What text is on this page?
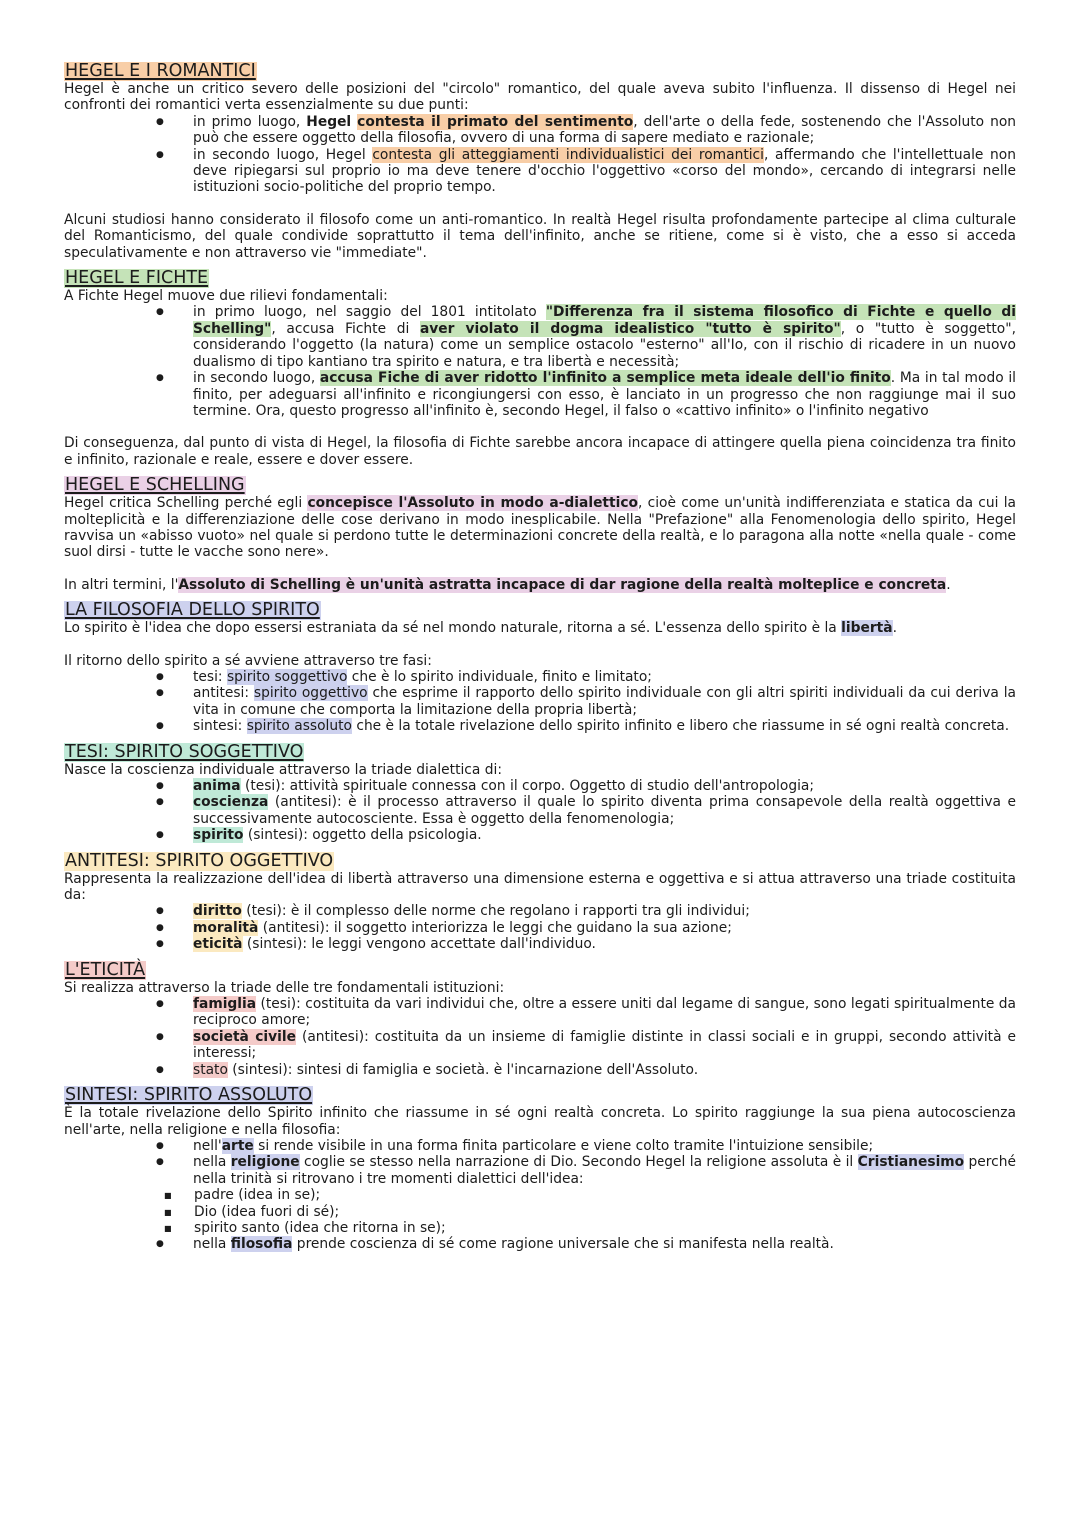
HEGEL E I ROMANTICI

Hegel è anche un critico severo delle posizioni del "circolo" romantico, del quale aveva subito l'influenza. Il dissenso di Hegel nei confronti dei romantici verta essenzialmente su due punti:

● in primo luogo, Hegel contesta il primato del sentimento, dell'arte o della fede, sostenendo che l'Assoluto non può che essere oggetto della filosofia, ovvero di una forma di sapere mediato e razionale;
● in secondo luogo, Hegel contesta gli atteggiamenti individualistici dei romantici, affermando che l'intellettuale non deve ripiegarsi sul proprio io ma deve tenere d'occhio l'oggettivo «corso del mondo», cercando di integrarsi nelle istituzioni socio-politiche del proprio tempo.

Alcuni studiosi hanno considerato il filosofo come un anti-romantico. In realtà Hegel risulta profondamente partecipe al clima culturale del Romanticismo, del quale condivide soprattutto il tema dell'infinito, anche se ritiene, come si è visto, che a esso si acceda speculativamente e non attraverso vie "immediate".

HEGEL E FICHTE

A Fichte Hegel muove due rilievi fondamentali:

● in primo luogo, nel saggio del 1801 intitolato "Differenza fra il sistema filosofico di Fichte e quello di Schelling", accusa Fichte di aver violato il dogma idealistico "tutto è spirito", o "tutto è soggetto", considerando l'oggetto (la natura) come un semplice ostacolo "esterno" all'Io, con il rischio di ricadere in un nuovo dualismo di tipo kantiano tra spirito e natura, e tra libertà e necessità;
● in secondo luogo, accusa Fiche di aver ridotto l'infinito a semplice meta ideale dell'io finito. Ma in tal modo il finito, per adeguarsi all'infinito e ricongiungersi con esso, è lanciato in un progresso che non raggiunge mai il suo termine. Ora, questo progresso all'infinito è, secondo Hegel, il falso o «cattivo infinito» o l'infinito negativo

Di conseguenza, dal punto di vista di Hegel, la filosofia di Fichte sarebbe ancora incapace di attingere quella piena coincidenza tra finito e infinito, razionale e reale, essere e dover essere.

HEGEL E SCHELLING

Hegel critica Schelling perché egli concepisce l'Assoluto in modo a-dialettico, cioè come un'unità indifferenziata e statica da cui la molteplicità e la differenziazione delle cose derivano in modo inesplicabile. Nella "Prefazione" alla Fenomenologia dello spirito, Hegel ravvisa un «abisso vuoto» nel quale si perdono tutte le determinazioni concrete della realtà, e lo paragona alla notte «nella quale - come suol dirsi - tutte le vacche sono nere».

In altri termini, l'Assoluto di Schelling è un'unità astratta incapace di dar ragione della realtà molteplice e concreta.

LA FILOSOFIA DELLO SPIRITO

Lo spirito è l'idea che dopo essersi estraniata da sé nel mondo naturale, ritorna a sé. L'essenza dello spirito è la libertà.

Il ritorno dello spirito a sé avviene attraverso tre fasi:

● tesi: spirito soggettivo che è lo spirito individuale, finito e limitato;
● antitesi: spirito oggettivo che esprime il rapporto dello spirito individuale con gli altri spiriti individuali da cui deriva la vita in comune che comporta la limitazione della propria libertà;
● sintesi: spirito assoluto che è la totale rivelazione dello spirito infinito e libero che riassume in sé ogni realtà concreta.
TESI: SPIRITO SOGGETTIVO

Nasce la coscienza individuale attraverso la triade dialettica di:

● anima (tesi): attività spirituale connessa con il corpo. Oggetto di studio dell'antropologia;
● coscienza (antitesi): è il processo attraverso il quale lo spirito diventa prima consapevole della realtà oggettiva e successivamente autocosciente. Essa è oggetto della fenomenologia;
● spirito (sintesi): oggetto della psicologia.
ANTITESI: SPIRITO OGGETTIVO

Rappresenta la realizzazione dell'idea di libertà attraverso una dimensione esterna e oggettiva e si attua attraverso una triade costituita da:

● diritto (tesi): è il complesso delle norme che regolano i rapporti tra gli individui;
● moralità (antitesi): il soggetto interiorizza le leggi che guidano la sua azione;
● eticità (sintesi): le leggi vengono accettate dall'individuo.
L'ETICITÀ

Si realizza attraverso la triade delle tre fondamentali istituzioni:

● famiglia (tesi): costituita da vari individui che, oltre a essere uniti dal legame di sangue, sono legati spiritualmente da reciproco amore;
● società civile (antitesi): costituita da un insieme di famiglie distinte in classi sociali e in gruppi, secondo attività e interessi;
● stato (sintesi): sintesi di famiglia e società. è l'incarnazione dell'Assoluto.
SINTESI: SPIRITO ASSOLUTO

È la totale rivelazione dello Spirito infinito che riassume in sé ogni realtà concreta. Lo spirito raggiunge la sua piena autocoscienza nell'arte, nella religione e nella filosofia:

● nell'arte si rende visibile in una forma finita particolare e viene colto tramite l'intuizione sensibile;
● nella religione coglie se stesso nella narrazione di Dio. Secondo Hegel la religione assoluta è il Cristianesimo perché nella trinità si ritrovano i tre momenti dialettici dell'idea:
■ padre (idea in se);
■ Dio (idea fuori di sé);
■ spirito santo (idea che ritorna in se);
● nella filosofia prende coscienza di sé come ragione universale che si manifesta nella realtà.
